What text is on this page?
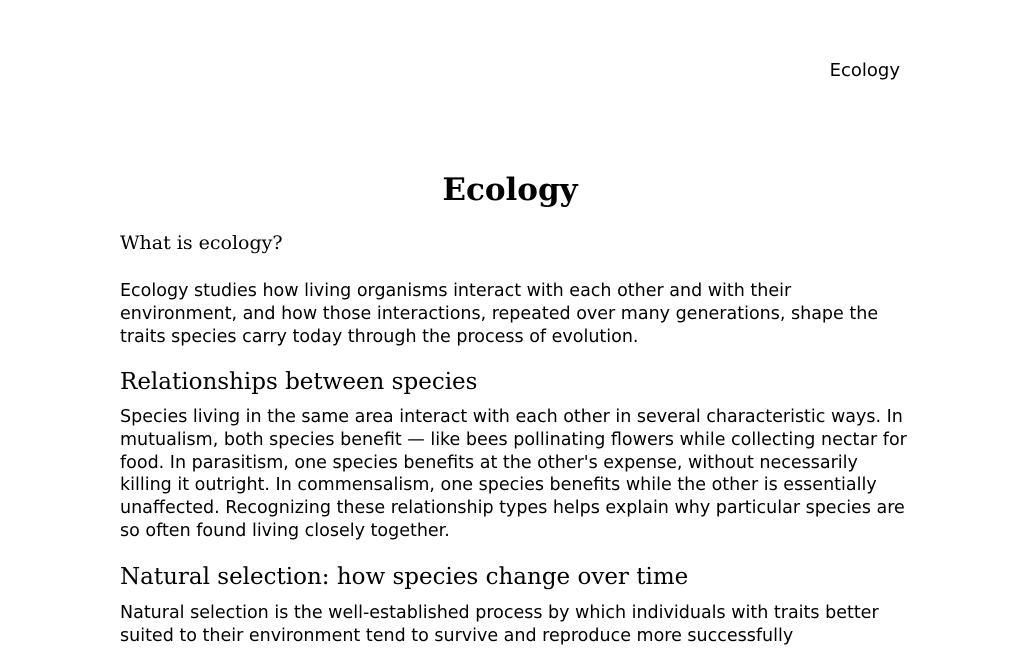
Ecology

Ecology

What is ecology?

Ecology studies how living organisms interact with each other and with their environment, and how those interactions, repeated over many generations, shape the traits species carry today through the process of evolution.

Relationships between species

Species living in the same area interact with each other in several characteristic ways. In mutualism, both species benefit — like bees pollinating flowers while collecting nectar for food. In parasitism, one species benefits at the other's expense, without necessarily killing it outright. In commensalism, one species benefits while the other is essentially unaffected. Recognizing these relationship types helps explain why particular species are so often found living closely together.

Natural selection: how species change over time

Natural selection is the well-established process by which individuals with traits better suited to their environment tend to survive and reproduce more successfully
